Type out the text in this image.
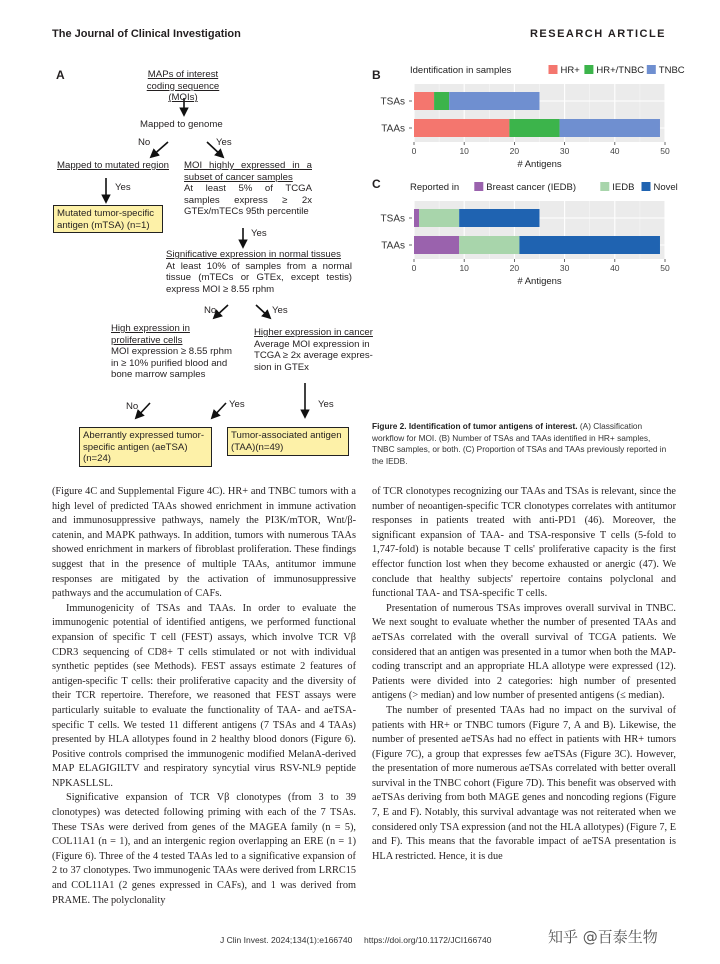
The Journal of Clinical Investigation	RESEARCH ARTICLE
A	MAPs of interest

coding sequence (MOIs)

Mapped to genome
No	Yes
Mapped to mutated region
Yes

MOI highly expressed in a

subset of cancer samples

At least 5% of TCGA

samples express ≥ 2x

GTEx/mTECs 95th percentile

Mutated tumor-specific
antigen (mTSA) (n=1)
Yes

Significative expression in normal tissues

At least 10% of samples from a normal

tissue (mTECs or GTEx, except testis)

express MOI ≥ 8.55 rphm

No	Yes

High expression in

proliferative cells

MOI expression ≥ 8.55 rphm

in ≥ 10% purified blood and

bone marrow samples

Higher expression in cancer

Average MOI expression in

TCGA ≥ 2x average expres-

sion in GTEx

No	Yes	Yes
Aberrantly expressed tumor-
specific antigen (aeTSA)
(n=24)
Tumor-associated antigen
(TAA)(n=49)
B	Identification in samples	HR+ HR+/TNBC TNBC
TSAs
TAAs
0	10	20	30	40	50
# Antigens
C	Reported in	Breast cancer (IEDB)	IEDB Novel
TSAs
TAAs
0	10	20	30	40	50
# Antigens
Figure 2. Identification of tumor antigens of interest. (A) Classification workflow for MOI. (B) Number of TSAs and TAAs identified in HR+ samples, TNBC samples, or both. (C) Proportion of TSAs and TAAs previously reported in the IEDB.

(Figure 4C and Supplemental Figure 4C). HR+ and TNBC tumors with a high level of predicted TAAs showed enrichment in immune activation and immunosuppressive pathways, namely the PI3K/mTOR, Wnt/β-catenin, and MAPK pathways. In addition, tumors with numerous TAAs showed enrichment in markers of fibroblast proliferation. These findings suggest that in the presence of multiple TAAs, antitumor immune responses are mitigated by the activation of immunosuppressive pathways and the accumulation of CAFs.

Immunogenicity of TSAs and TAAs. In order to evaluate the immunogenic potential of identified antigens, we performed functional expansion of specific T cell (FEST) assays, which involve TCR Vβ CDR3 sequencing of CD8+ T cells stimulated or not with individual synthetic peptides (see Methods). FEST assays estimate 2 features of antigen-specific T cells: their proliferative capacity and the diversity of their TCR repertoire. Therefore, we reasoned that FEST assays were particularly suitable to evaluate the functionality of TAA- and aeTSA-specific T cells. We tested 11 different antigens (7 TSAs and 4 TAAs) presented by HLA allotypes found in 2 healthy blood donors (Figure 6). Positive controls comprised the immunogenic modified MelanA-derived MAP ELAGIGILTV and respiratory syncytial virus RSV-NL9 peptide NPKASLLSL.

Significative expansion of TCR Vβ clonotypes (from 3 to 39 clonotypes) was detected following priming with each of the 7 TSAs. These TSAs were derived from genes of the MAGEA family (n = 5), COL11A1 (n = 1), and an intergenic region overlapping an ERE (n = 1) (Figure 6). Three of the 4 tested TAAs led to a significative expansion of 2 to 37 clonotypes. Two immunogenic TAAs were derived from LRRC15 and COL11A1 (2 genes expressed in CAFs), and 1 was derived from PRAME. The polyclonality

of TCR clonotypes recognizing our TAAs and TSAs is relevant, since the number of neoantigen-specific TCR clonotypes correlates with antitumor responses in patients treated with anti-PD1 (46). Moreover, the significant expansion of TAA- and TSA-responsive T cells (5-fold to 1,747-fold) is notable because T cells' proliferative capacity is the first effector function lost when they become exhausted or anergic (47). We conclude that healthy subjects' repertoire contains polyclonal and functional TAA- and TSA-specific T cells.

Presentation of numerous TSAs improves overall survival in TNBC. We next sought to evaluate whether the number of presented TAAs and aeTSAs correlated with the overall survival of TCGA patients. We considered that an antigen was presented in a tumor when both the MAP-coding transcript and an appropriate HLA allotype were expressed (12). Patients were divided into 2 categories: high number of presented antigens (> median) and low number of presented antigens (≤ median).

The number of presented TAAs had no impact on the survival of patients with HR+ or TNBC tumors (Figure 7, A and B). Likewise, the number of presented aeTSAs had no effect in patients with HR+ tumors (Figure 7C), a group that expresses few aeTSAs (Figure 3C). However, the presentation of more numerous aeTSAs correlated with better overall survival in the TNBC cohort (Figure 7D). This benefit was observed with aeTSAs deriving from both MAGE genes and noncoding regions (Figure 7, E and F). Notably, this survival advantage was not reiterated when we considered only TSA expression (and not the HLA allotypes) (Figure 7, E and F). This means that the favorable impact of aeTSA presentation is HLA restricted. Hence, it is due

J Clin Invest. 2024;134(1):e166740 https://doi.org/10.1172/JCI166740	知乎 @百泰生物
